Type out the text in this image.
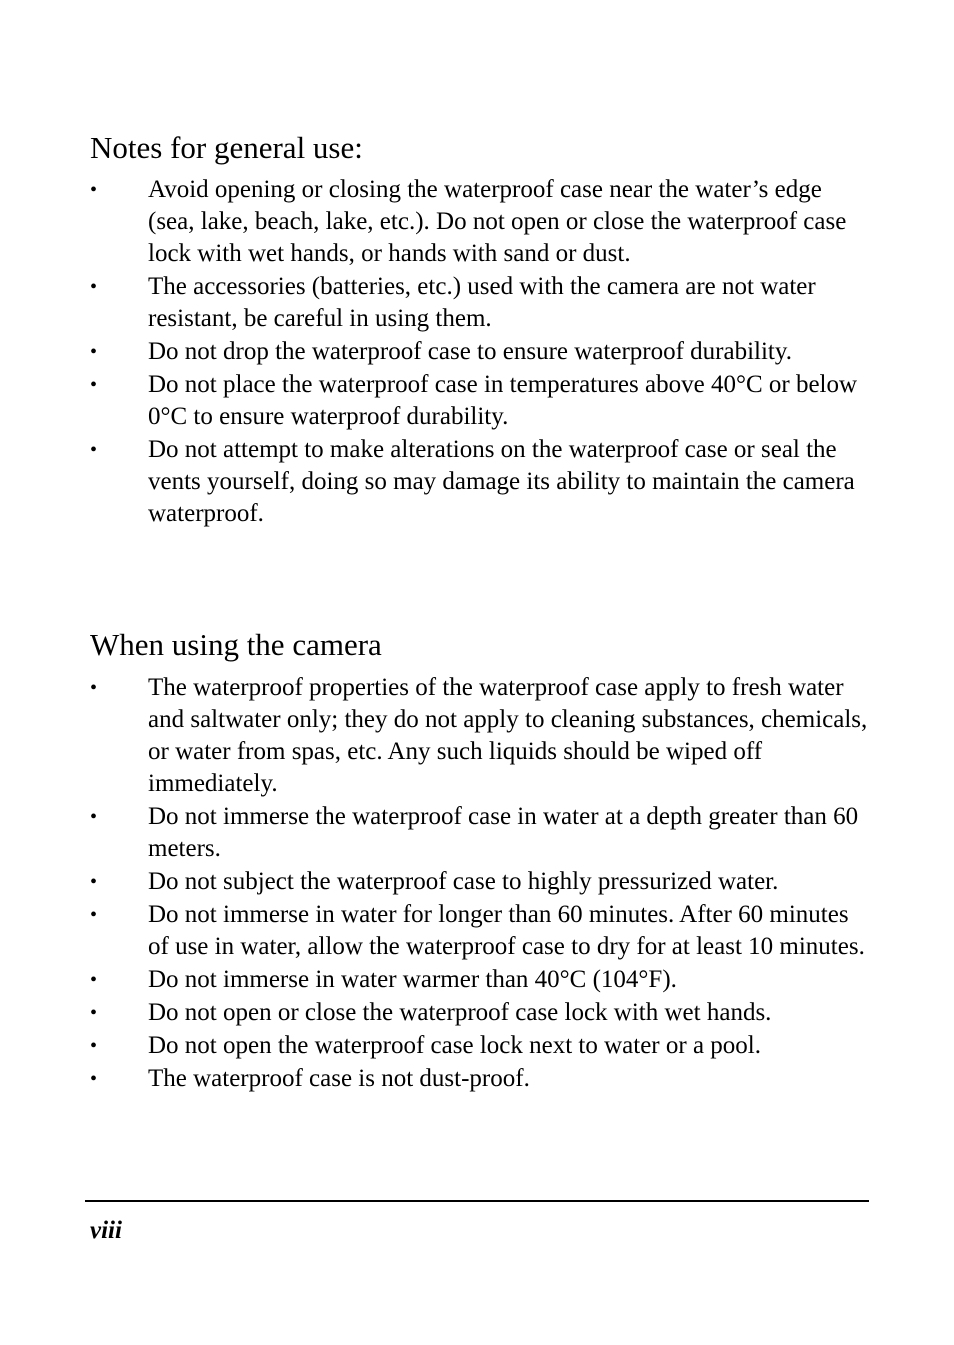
Notes for general use:
• Avoid opening or closing the waterproof case near the water’s edge (sea, lake, beach, lake, etc.). Do not open or close the waterproof case lock with wet hands, or hands with sand or dust.
• The accessories (batteries, etc.) used with the camera are not water resistant, be careful in using them.
• Do not drop the waterproof case to ensure waterproof durability.
• Do not place the waterproof case in temperatures above 40°C or below 0°C to ensure waterproof durability.
• Do not attempt to make alterations on the waterproof case or seal the vents yourself, doing so may damage its ability to maintain the camera waterproof.
When using the camera
• The waterproof properties of the waterproof case apply to fresh water and saltwater only; they do not apply to cleaning substances, chemicals, or water from spas, etc. Any such liquids should be wiped off immediately.
• Do not immerse the waterproof case in water at a depth greater than 60 meters.
• Do not subject the waterproof case to highly pressurized water.
• Do not immerse in water for longer than 60 minutes. After 60 minutes of use in water, allow the waterproof case to dry for at least 10 minutes.
• Do not immerse in water warmer than 40°C (104°F).
• Do not open or close the waterproof case lock with wet hands.
• Do not open the waterproof case lock next to water or a pool.
• The waterproof case is not dust-proof.
viii
